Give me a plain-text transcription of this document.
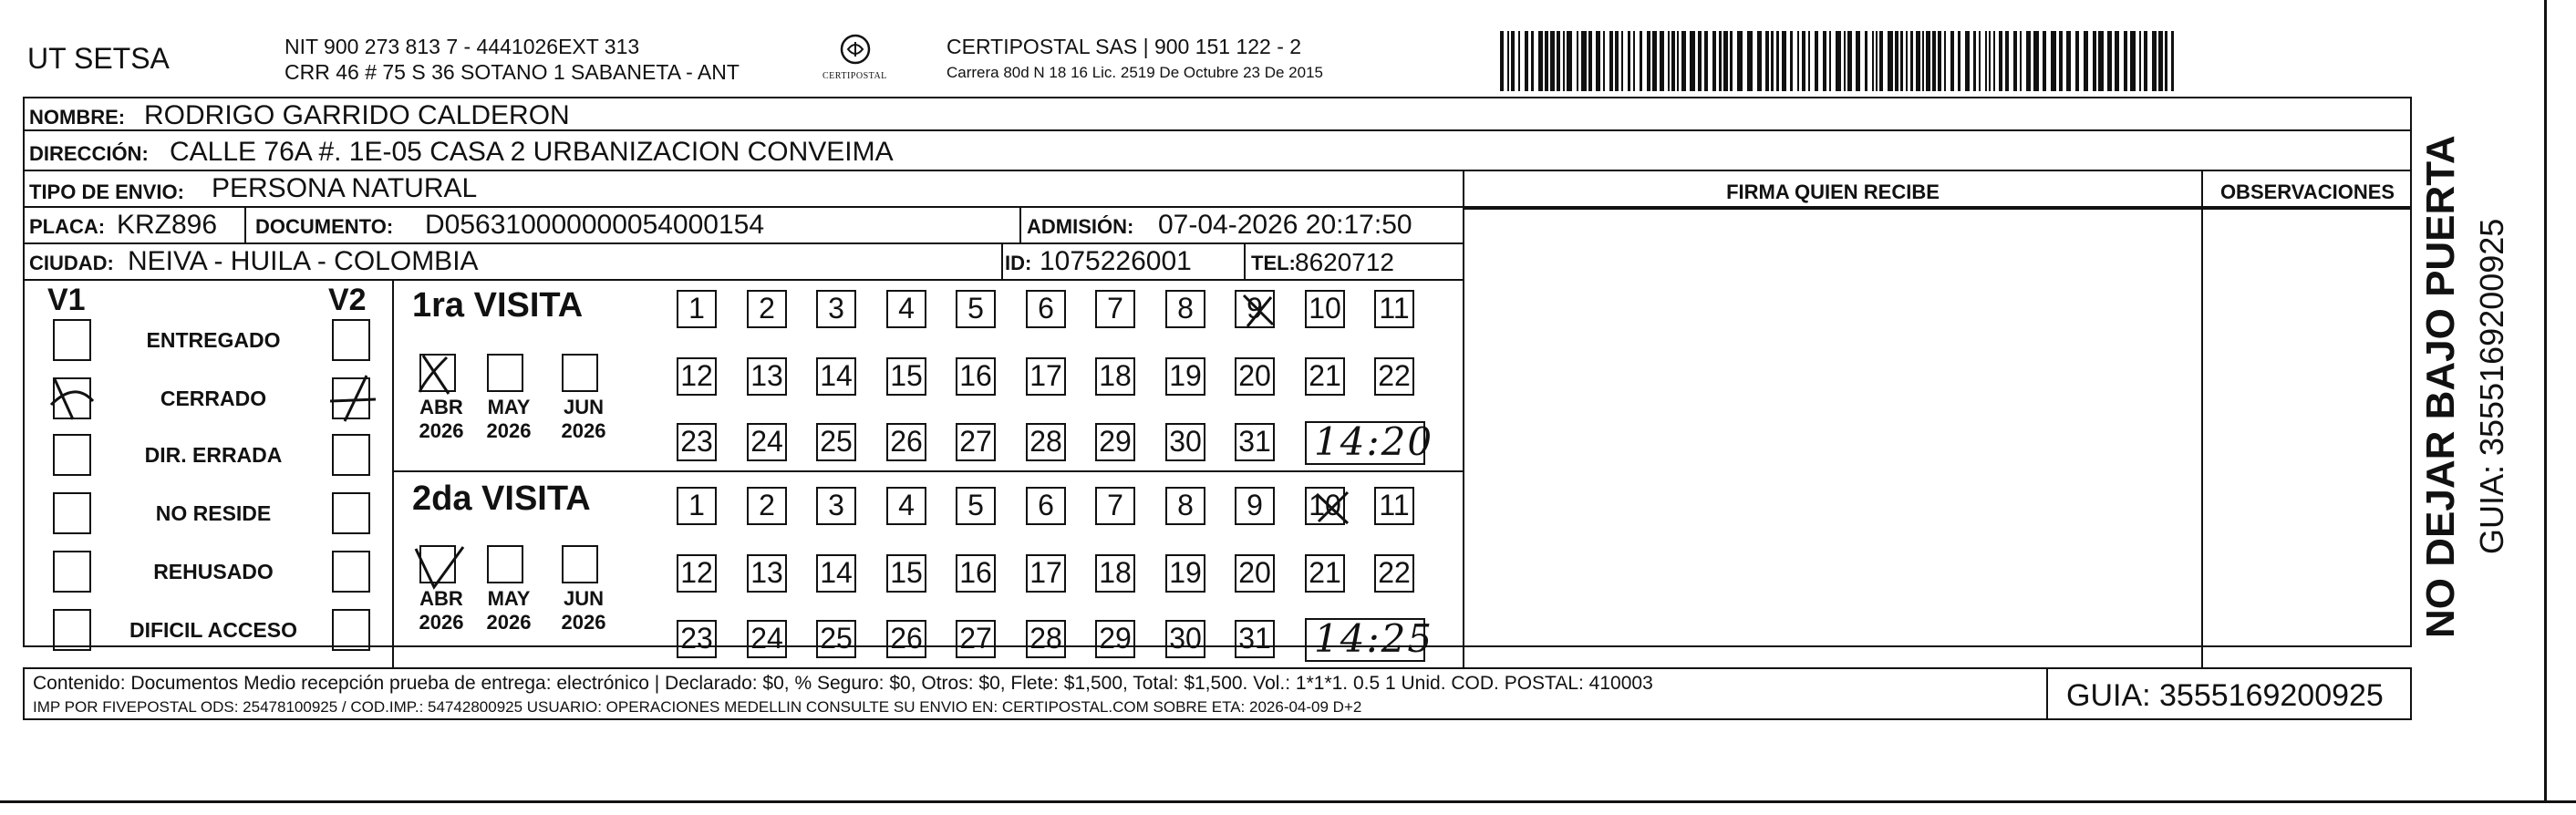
UT SETSA	NIT 900 273 813 7 - 4441026EXT 313
CRR 46 # 75 S 36 SOTANO 1 SABANETA - ANT	CERTIPOSTAL
CERTIPOSTAL SAS | 900 151 122 - 2
Carrera 80d N 18 16 Lic. 2519 De Octubre 23 De 2015
NOMBRE: RODRIGO GARRIDO CALDERON
DIRECCIÓN: CALLE 76A #. 1E-05 CASA 2 URBANIZACION CONVEIMA
TIPO DE ENVIO: PERSONA NATURAL	FIRMA QUIEN RECIBE	OBSERVACIONES
PLACA: KRZ896 DOCUMENTO: D056310000000054000154	ADMISIÓN: 07-04-2026 20:17:50
CIUDAD: NEIVA - HUILA - COLOMBIA	ID: 1075226001	TEL: 8620712
V1	V2
ENTREGADO
CERRADO
DIR. ERRADA
NO RESIDE
REHUSADO
DIFICIL ACCESO
1ra VISITA
ABR
2026
MAY
2026
JUN
2026
1	2	3	4	5	6	7	8	9	10 11
12 13 14 15 16 17 18 19 20 21 22
23 24 25 26 27 28 29 30 31 14:20
2da VISITA
ABR
2026
MAY
2026
JUN
2026
1	2	3	4	5	6	7	8	9	10 11
12 13 14 15 16 17 18 19 20 21 22
23 24 25 26 27 28 29 30 31 14:25
Contenido: Documentos Medio recepción prueba de entrega: electrónico | Declarado: $0, % Seguro: $0, Otros: $0, Flete: $1,500, Total: $1,500. Vol.: 1*1*1. 0.5 1 Unid. COD. POSTAL: 410003
IMP POR FIVEPOSTAL ODS: 25478100925 / COD.IMP.: 54742800925 USUARIO: OPERACIONES MEDELLIN CONSULTE SU ENVIO EN: CERTIPOSTAL.COM SOBRE ETA: 2026-04-09 D+2	GUIA: 3555169200925
NO DEJAR BAJO PUERTA GUIA: 3555169200925
